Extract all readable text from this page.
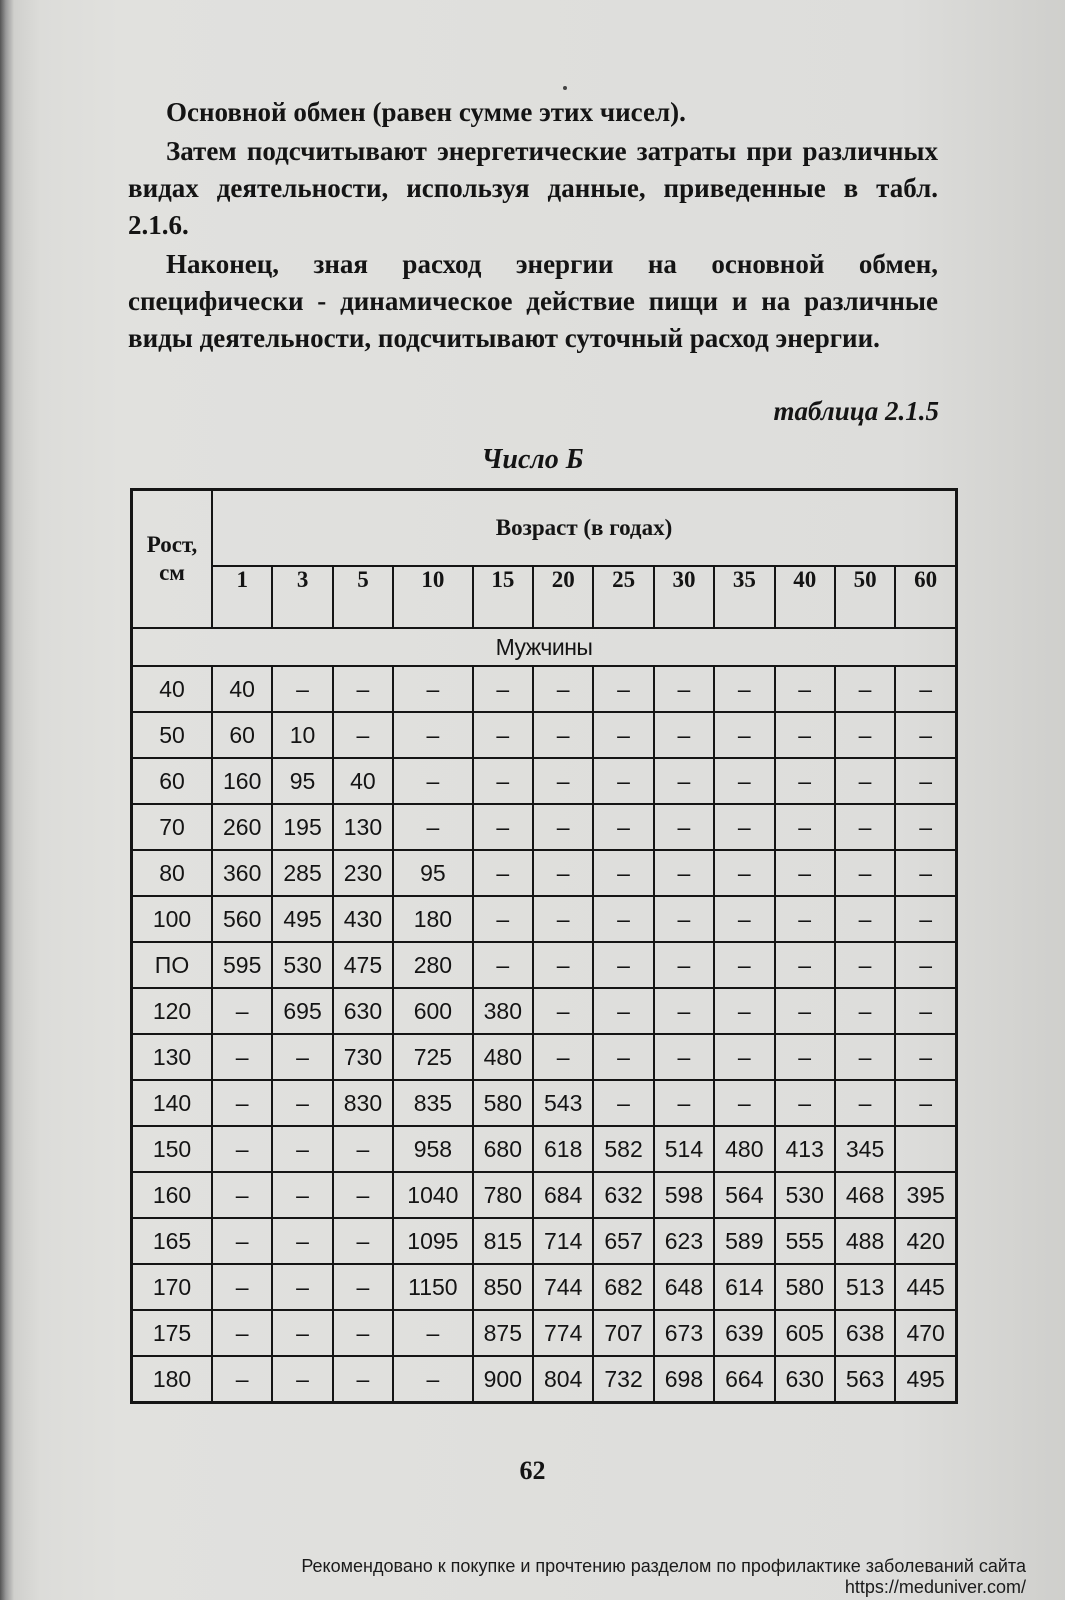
Основной обмен (равен сумме этих чисел).
Затем подсчитывают энергетические затраты при различных видах деятельности, используя данные, приведенные в табл. 2.1.6.
Наконец, зная расход энергии на основной обмен, специфически - динамическое действие пищи и на различные виды деятельности, подсчитывают суточный расход энергии.
таблица 2.1.5
Число Б
Рост, см	Возраст (в годах)											
	1	3	5	10	15	20	25	30	35	40	50	60
Мужчины												
40	40	–	–	–	–	–	–	–	–	–	–	–
50	60	10	–	–	–	–	–	–	–	–	–	–
60	160	95	40	–	–	–	–	–	–	–	–	–
70	260	195	130	–	–	–	–	–	–	–	–	–
80	360	285	230	95	–	–	–	–	–	–	–	–
100	560	495	430	180	–	–	–	–	–	–	–	–
ПО	595	530	475	280	–	–	–	–	–	–	–	–
120	–	695	630	600	380	–	–	–	–	–	–	–
130	–	–	730	725	480	–	–	–	–	–	–	–
140	–	–	830	835	580	543	–	–	–	–	–	–
150	–	–	–	958	680	618	582	514	480	413	345	
160	–	–	–	1040	780	684	632	598	564	530	468	395
165	–	–	–	1095	815	714	657	623	589	555	488	420
170	–	–	–	1150	850	744	682	648	614	580	513	445
175	–	–	–	–	875	774	707	673	639	605	638	470
180	–	–	–	–	900	804	732	698	664	630	563	495
62
Рекомендовано к покупке и прочтению разделом по профилактике заболеваний сайта https://meduniver.com/
